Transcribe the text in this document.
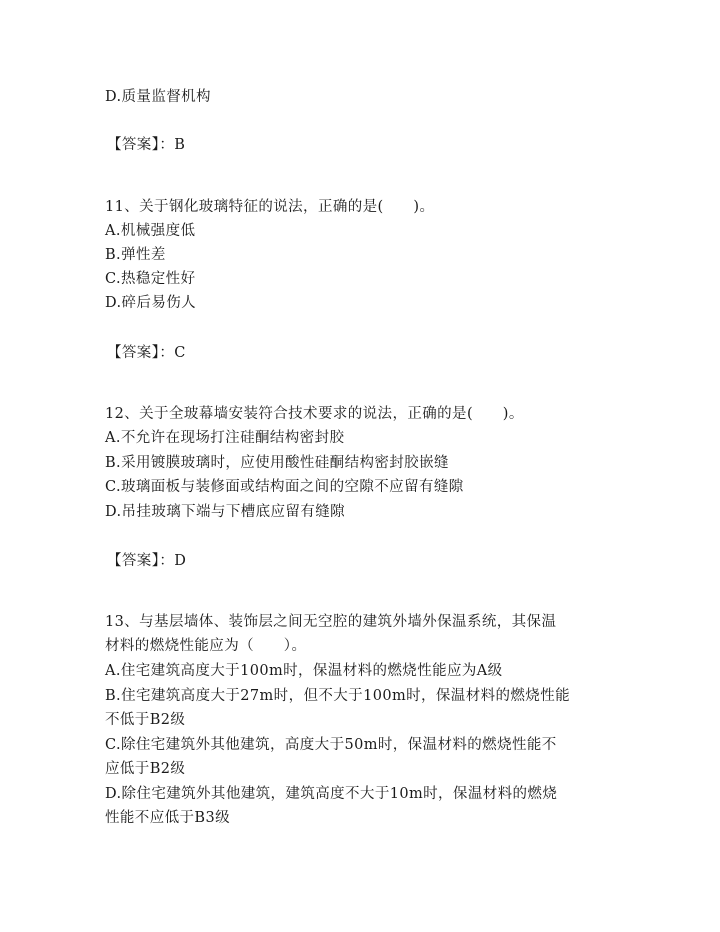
D.质量监督机构
【答案】：B
11、关于钢化玻璃特征的说法，正确的是(　　)。
A.机械强度低
B.弹性差
C.热稳定性好
D.碎后易伤人
【答案】：C
12、关于全玻幕墙安装符合技术要求的说法，正确的是(　　)。
A.不允许在现场打注硅酮结构密封胶
B.采用镀膜玻璃时，应使用酸性硅酮结构密封胶嵌缝
C.玻璃面板与装修面或结构面之间的空隙不应留有缝隙
D.吊挂玻璃下端与下槽底应留有缝隙
【答案】：D
13、与基层墙体、装饰层之间无空腔的建筑外墙外保温系统，其保温
材料的燃烧性能应为（　　）。
A.住宅建筑高度大于100m时，保温材料的燃烧性能应为A级
B.住宅建筑高度大于27m时，但不大于100m时，保温材料的燃烧性能
不低于B2级
C.除住宅建筑外其他建筑，高度大于50m时，保温材料的燃烧性能不
应低于B2级
D.除住宅建筑外其他建筑，建筑高度不大于10m时，保温材料的燃烧
性能不应低于B3级
